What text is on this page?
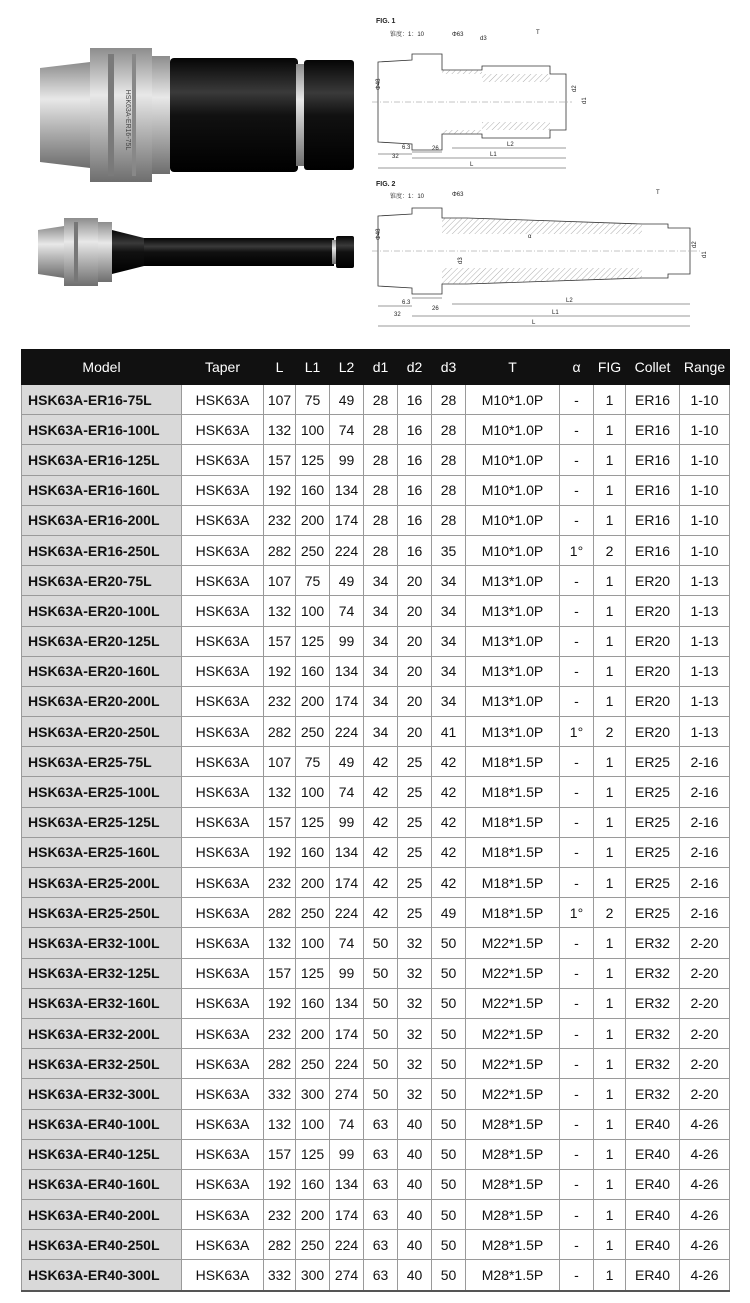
HSK63A-ER16-75L
FIG. 1
锥度：1：10	Φ63
d3
T
Φ48	d2
d1
6.3	26
32
L2
L1
L
FIG. 2
锥度：1：10	Φ63	T
Φ48	α
d3
d2
d1
6.3
26
32
L2
L1
L
Model	Taper	L	L1	L2	d1	d2	d3	T	α	FIG	Collet	Range
HSK63A-ER16-75L	HSK63A	107	75	49	28	16	28	M10*1.0P	-	1	ER16	1-10
HSK63A-ER16-100L	HSK63A	132	100	74	28	16	28	M10*1.0P	-	1	ER16	1-10
HSK63A-ER16-125L	HSK63A	157	125	99	28	16	28	M10*1.0P	-	1	ER16	1-10
HSK63A-ER16-160L	HSK63A	192	160	134	28	16	28	M10*1.0P	-	1	ER16	1-10
HSK63A-ER16-200L	HSK63A	232	200	174	28	16	28	M10*1.0P	-	1	ER16	1-10
HSK63A-ER16-250L	HSK63A	282	250	224	28	16	35	M10*1.0P	1°	2	ER16	1-10
HSK63A-ER20-75L	HSK63A	107	75	49	34	20	34	M13*1.0P	-	1	ER20	1-13
HSK63A-ER20-100L	HSK63A	132	100	74	34	20	34	M13*1.0P	-	1	ER20	1-13
HSK63A-ER20-125L	HSK63A	157	125	99	34	20	34	M13*1.0P	-	1	ER20	1-13
HSK63A-ER20-160L	HSK63A	192	160	134	34	20	34	M13*1.0P	-	1	ER20	1-13
HSK63A-ER20-200L	HSK63A	232	200	174	34	20	34	M13*1.0P	-	1	ER20	1-13
HSK63A-ER20-250L	HSK63A	282	250	224	34	20	41	M13*1.0P	1°	2	ER20	1-13
HSK63A-ER25-75L	HSK63A	107	75	49	42	25	42	M18*1.5P	-	1	ER25	2-16
HSK63A-ER25-100L	HSK63A	132	100	74	42	25	42	M18*1.5P	-	1	ER25	2-16
HSK63A-ER25-125L	HSK63A	157	125	99	42	25	42	M18*1.5P	-	1	ER25	2-16
HSK63A-ER25-160L	HSK63A	192	160	134	42	25	42	M18*1.5P	-	1	ER25	2-16
HSK63A-ER25-200L	HSK63A	232	200	174	42	25	42	M18*1.5P	-	1	ER25	2-16
HSK63A-ER25-250L	HSK63A	282	250	224	42	25	49	M18*1.5P	1°	2	ER25	2-16
HSK63A-ER32-100L	HSK63A	132	100	74	50	32	50	M22*1.5P	-	1	ER32	2-20
HSK63A-ER32-125L	HSK63A	157	125	99	50	32	50	M22*1.5P	-	1	ER32	2-20
HSK63A-ER32-160L	HSK63A	192	160	134	50	32	50	M22*1.5P	-	1	ER32	2-20
HSK63A-ER32-200L	HSK63A	232	200	174	50	32	50	M22*1.5P	-	1	ER32	2-20
HSK63A-ER32-250L	HSK63A	282	250	224	50	32	50	M22*1.5P	-	1	ER32	2-20
HSK63A-ER32-300L	HSK63A	332	300	274	50	32	50	M22*1.5P	-	1	ER32	2-20
HSK63A-ER40-100L	HSK63A	132	100	74	63	40	50	M28*1.5P	-	1	ER40	4-26
HSK63A-ER40-125L	HSK63A	157	125	99	63	40	50	M28*1.5P	-	1	ER40	4-26
HSK63A-ER40-160L	HSK63A	192	160	134	63	40	50	M28*1.5P	-	1	ER40	4-26
HSK63A-ER40-200L	HSK63A	232	200	174	63	40	50	M28*1.5P	-	1	ER40	4-26
HSK63A-ER40-250L	HSK63A	282	250	224	63	40	50	M28*1.5P	-	1	ER40	4-26
HSK63A-ER40-300L	HSK63A	332	300	274	63	40	50	M28*1.5P	-	1	ER40	4-26
